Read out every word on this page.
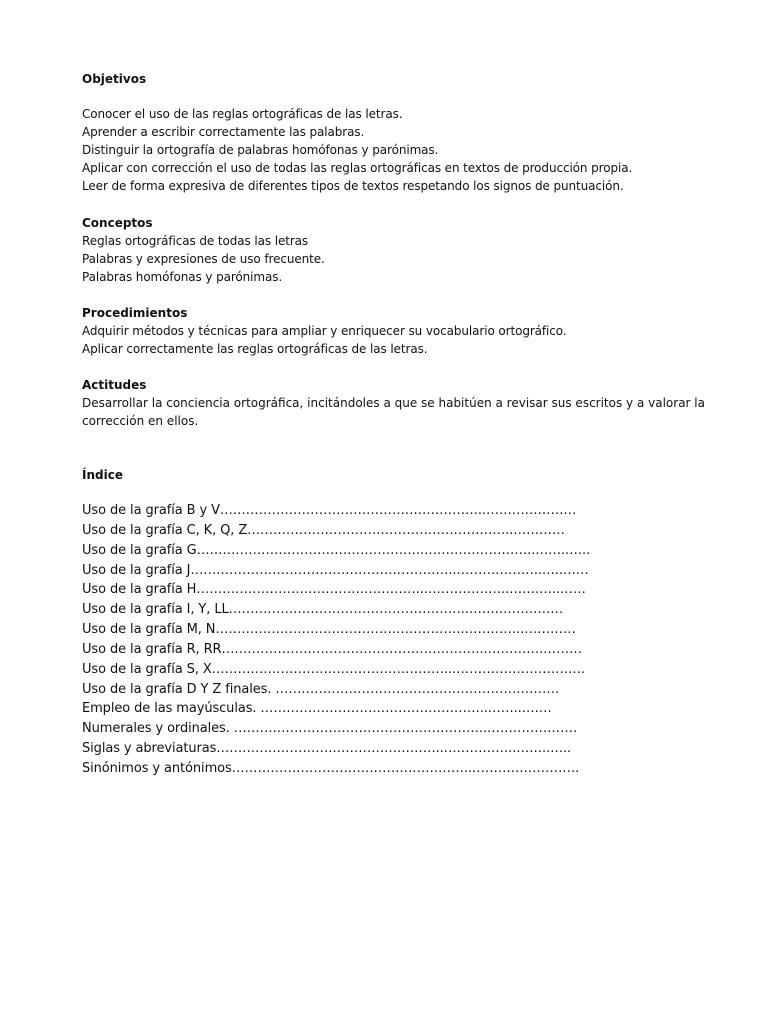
Objetivos

Conocer el uso de las reglas ortográficas de las letras.

Aprender a escribir correctamente las palabras.

Distinguir la ortografía de palabras homófonas y parónimas.

Aplicar con corrección el uso de todas las reglas ortográficas en textos de producción propia.

Leer de forma expresiva de diferentes tipos de textos respetando los signos de puntuación.

Conceptos

Reglas ortográficas de todas las letras

Palabras y expresiones de uso frecuente.

Palabras homófonas y parónimas.

Procedimientos

Adquirir métodos y técnicas para ampliar y enriquecer su vocabulario ortográfico.

Aplicar correctamente las reglas ortográficas de las letras.

Actitudes

Desarrollar la conciencia ortográfica, incitándoles a que se habitúen a revisar sus escritos y a valorar la corrección en ellos.

Índice

Uso de la grafía B y V……………………………………………………..…………………

Uso de la grafía C, K, Q, Z……………………………………………………..…………

Uso de la grafía G……………………………………………..……………………..……..…..

Uso de la grafía J……………………………………………………..………………..…..……

Uso de la grafía H……………………………………………..………………..…….…..……

Uso de la grafía I, Y, LL………………………………………………..…….……………

Uso de la grafía M, N………………………………………………….…………..…………

Uso de la grafía R, RR……………………………………………………..………….………

Uso de la grafía S, X………………………………………………..………………………….

Uso de la grafía D Y Z finales. …………………………………………………………

Empleo de las mayúsculas. ……………………………………………..……..…….

Numerales y ordinales. …………………………………………………..…………………

Siglas y abreviaturas……………………………………………..……………..……..…..

Sinónimos y antónimos………………………………………………..…………………….
